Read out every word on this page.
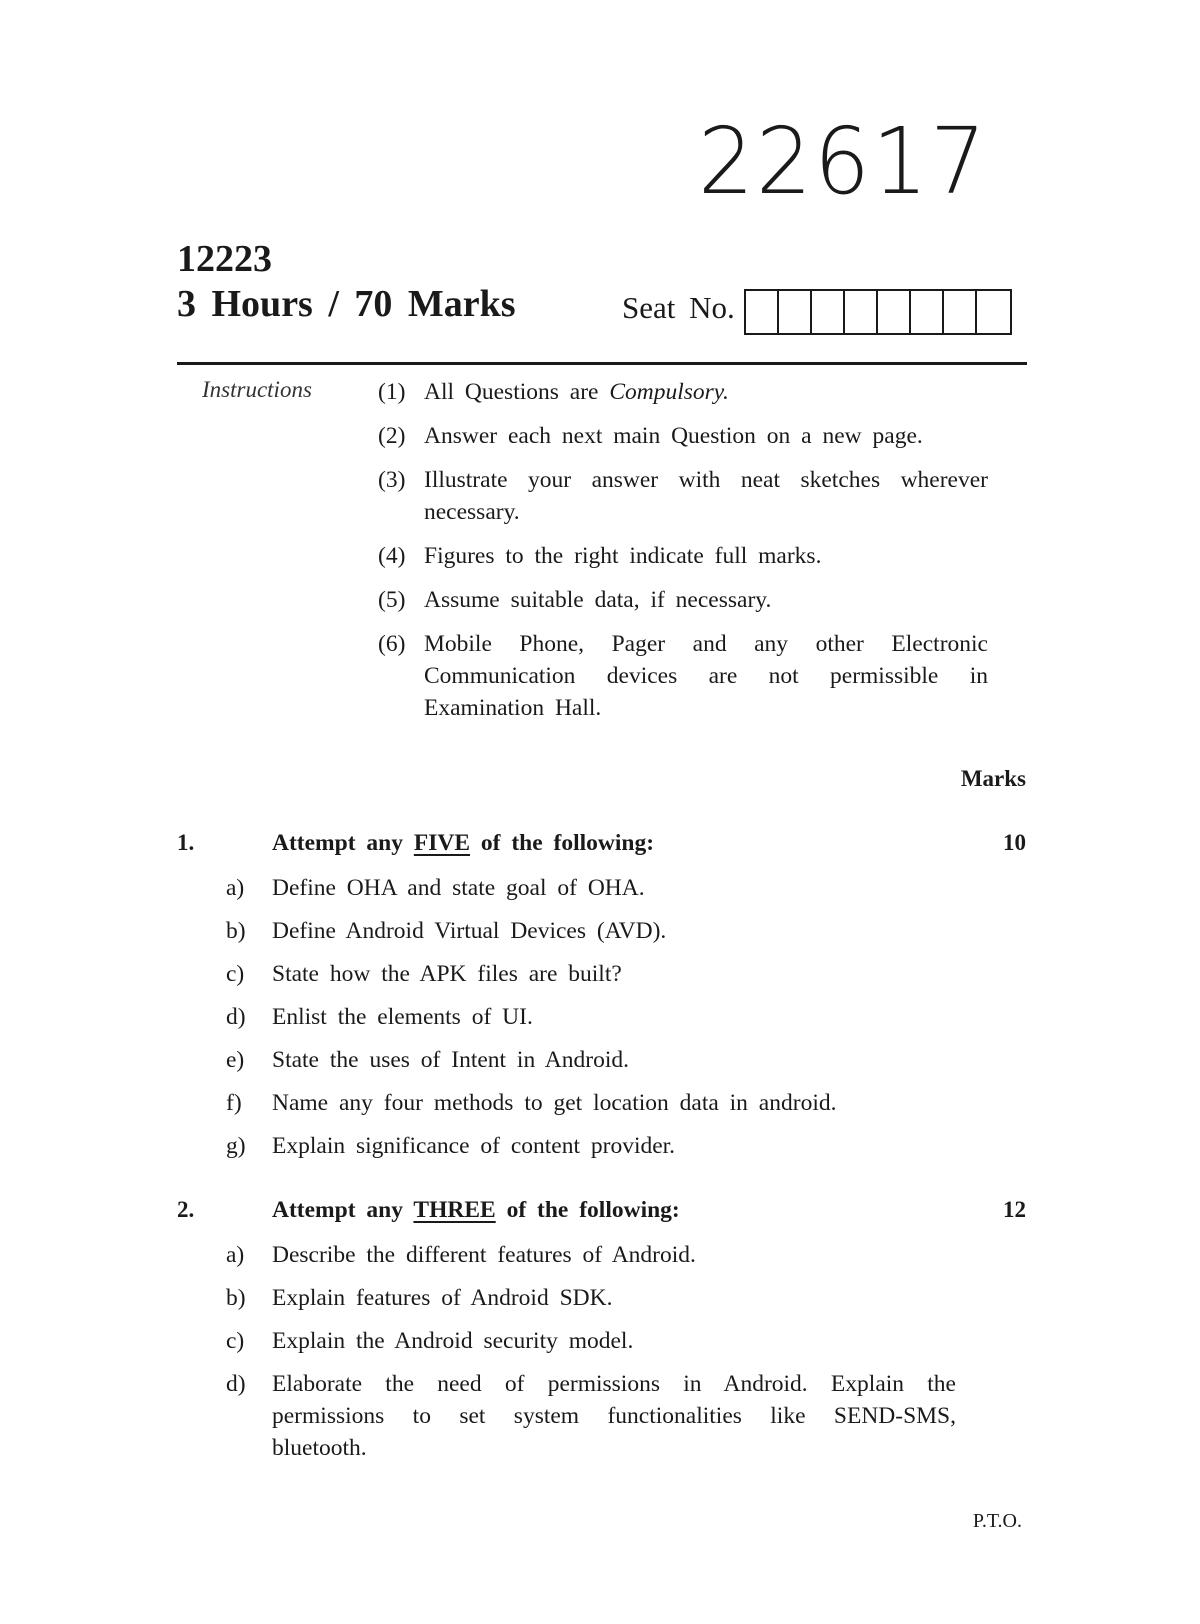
22617
12223
3 Hours / 70 Marks	Seat No.
Instructions	(1) All Questions are Compulsory.
(2) Answer each next main Question on a new page.
(3) Illustrate your answer with neat sketches wherever necessary.
(4) Figures to the right indicate full marks.
(5) Assume suitable data, if necessary.
(6) Mobile Phone, Pager and any other Electronic Communication devices are not permissible in Examination Hall.
Marks
1.	Attempt any FIVE of the following:	10
a) Define OHA and state goal of OHA.
b) Define Android Virtual Devices (AVD).
c) State how the APK files are built?
d) Enlist the elements of UI.
e) State the uses of Intent in Android.
f) Name any four methods to get location data in android.
g) Explain significance of content provider.
2.	Attempt any THREE of the following:	12
a) Describe the different features of Android.
b) Explain features of Android SDK.
c) Explain the Android security model.
d) Elaborate the need of permissions in Android. Explain the permissions to set system functionalities like SEND-SMS, bluetooth.
P.T.O.
